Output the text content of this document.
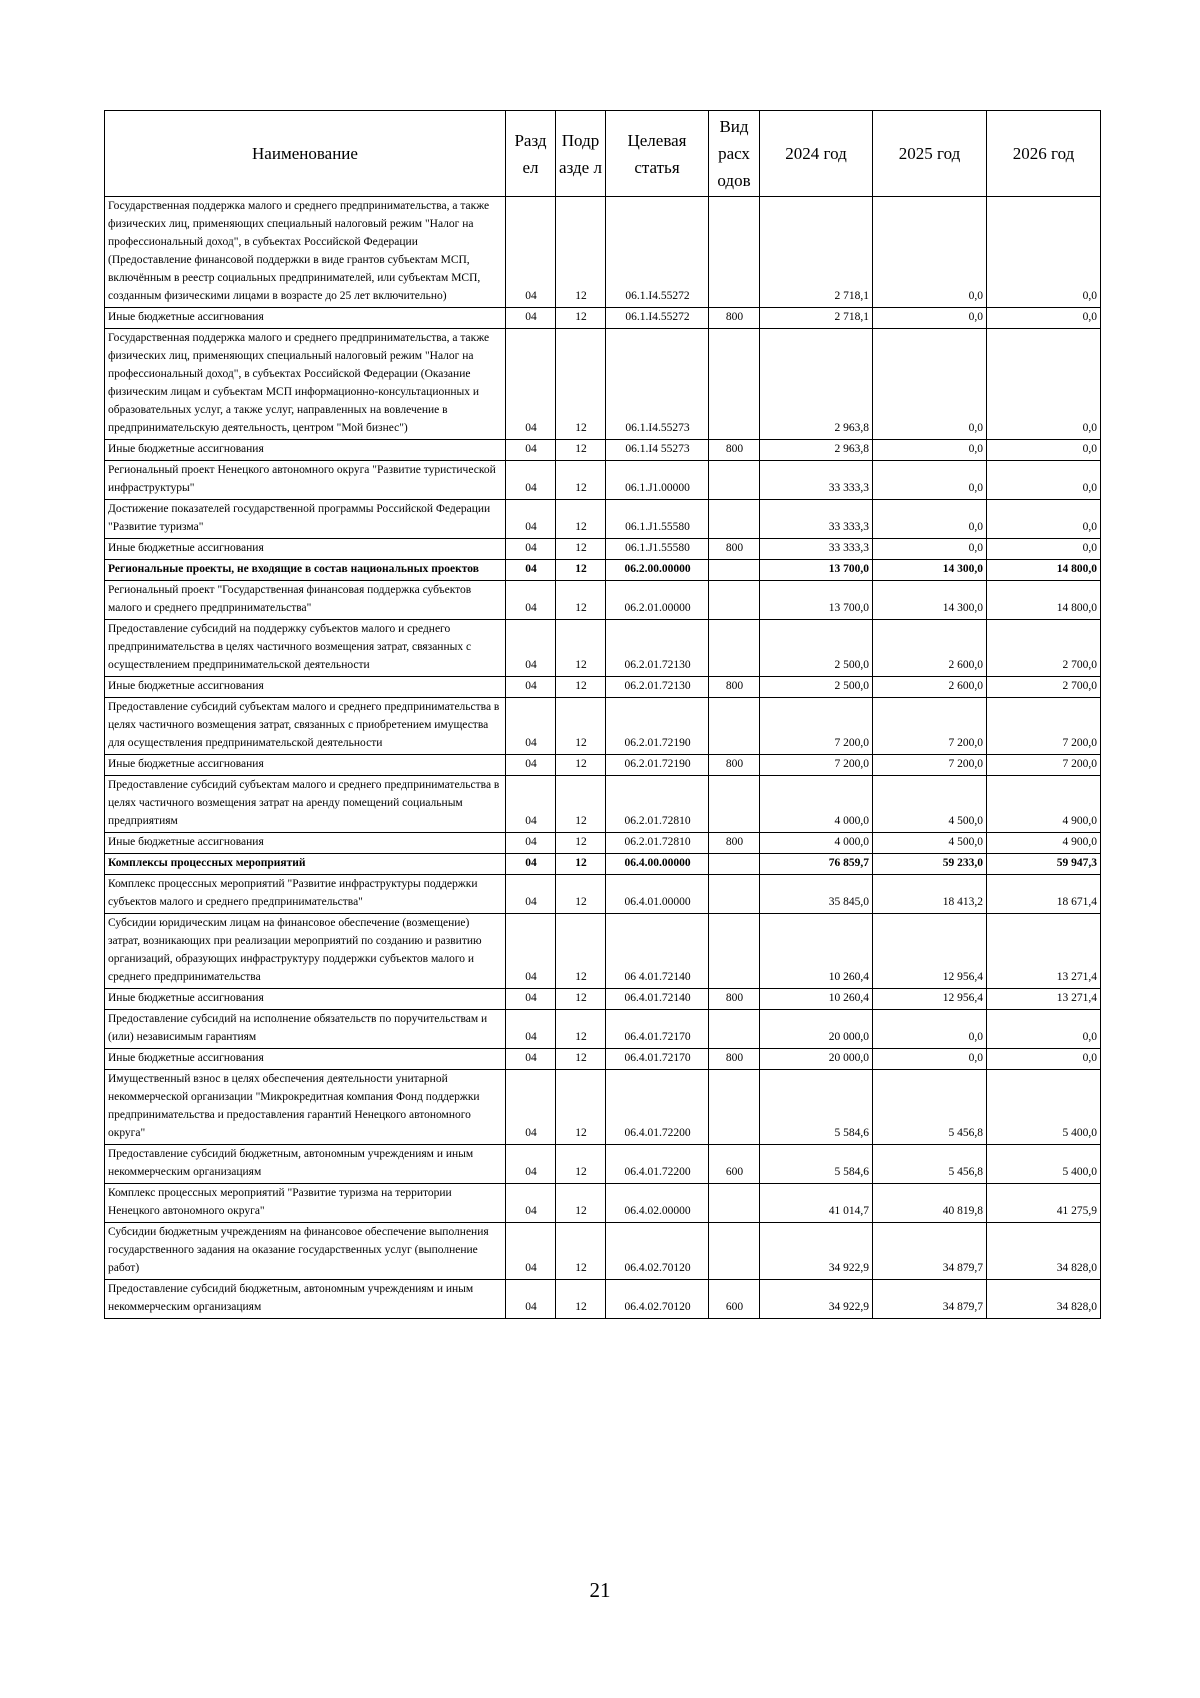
Наименование	Разд ел	Подр азде л	Целевая статья	Вид расх одов	2024 год	2025 год	2026 год
Государственная поддержка малого и среднего предпринимательства, а также физических лиц, применяющих специальный налоговый режим "Налог на профессиональный доход", в субъектах Российской Федерации (Предоставление финансовой поддержки в виде грантов субъектам МСП, включённым в реестр социальных предпринимателей, или субъектам МСП, созданным физическими лицами в возрасте до 25 лет включительно)	04	12	06.1.I4.55272		2 718,1	0,0	0,0
Иные бюджетные ассигнования	04	12	06.1.I4.55272	800	2 718,1	0,0	0,0
Государственная поддержка малого и среднего предпринимательства, а также физических лиц, применяющих специальный налоговый режим "Налог на профессиональный доход", в субъектах Российской Федерации (Оказание физическим лицам и субъектам МСП информационно-консультационных и образовательных услуг, а также услуг, направленных на вовлечение в предпринимательскую деятельность, центром "Мой бизнес")	04	12	06.1.I4.55273		2 963,8	0,0	0,0
Иные бюджетные ассигнования	04	12	06.1.I4 55273	800	2 963,8	0,0	0,0
Региональный проект Ненецкого автономного округа "Развитие туристической инфраструктуры"	04	12	06.1.J1.00000		33 333,3	0,0	0,0
Достижение показателей государственной программы Российской Федерации "Развитие туризма"	04	12	06.1.J1.55580		33 333,3	0,0	0,0
Иные бюджетные ассигнования	04	12	06.1.J1.55580	800	33 333,3	0,0	0,0
Региональные проекты, не входящие в состав национальных проектов	04	12	06.2.00.00000		13 700,0	14 300,0	14 800,0
Региональный проект "Государственная финансовая поддержка субъектов малого и среднего предпринимательства"	04	12	06.2.01.00000		13 700,0	14 300,0	14 800,0
Предоставление субсидий на поддержку субъектов малого и среднего предпринимательства в целях частичного возмещения затрат, связанных с осуществлением предпринимательской деятельности	04	12	06.2.01.72130		2 500,0	2 600,0	2 700,0
Иные бюджетные ассигнования	04	12	06.2.01.72130	800	2 500,0	2 600,0	2 700,0
Предоставление субсидий субъектам малого и среднего предпринимательства в целях частичного возмещения затрат, связанных с приобретением имущества для осуществления предпринимательской деятельности	04	12	06.2.01.72190		7 200,0	7 200,0	7 200,0
Иные бюджетные ассигнования	04	12	06.2.01.72190	800	7 200,0	7 200,0	7 200,0
Предоставление субсидий субъектам малого и среднего предпринимательства в целях частичного возмещения затрат на аренду помещений социальным предприятиям	04	12	06.2.01.72810		4 000,0	4 500,0	4 900,0
Иные бюджетные ассигнования	04	12	06.2.01.72810	800	4 000,0	4 500,0	4 900,0
Комплексы процессных мероприятий	04	12	06.4.00.00000		76 859,7	59 233,0	59 947,3
Комплекс процессных мероприятий "Развитие инфраструктуры поддержки субъектов малого и среднего предпринимательства"	04	12	06.4.01.00000		35 845,0	18 413,2	18 671,4
Субсидии юридическим лицам на финансовое обеспечение (возмещение) затрат, возникающих при реализации мероприятий по созданию и развитию организаций, образующих инфраструктуру поддержки субъектов малого и среднего предпринимательства	04	12	06 4.01.72140		10 260,4	12 956,4	13 271,4
Иные бюджетные ассигнования	04	12	06.4.01.72140	800	10 260,4	12 956,4	13 271,4
Предоставление субсидий на исполнение обязательств по поручительствам и (или) независимым гарантиям	04	12	06.4.01.72170		20 000,0	0,0	0,0
Иные бюджетные ассигнования	04	12	06.4.01.72170	800	20 000,0	0,0	0,0
Имущественный взнос в целях обеспечения деятельности унитарной некоммерческой организации "Микрокредитная компания Фонд поддержки предпринимательства и предоставления гарантий Ненецкого автономного округа"	04	12	06.4.01.72200		5 584,6	5 456,8	5 400,0
Предоставление субсидий бюджетным, автономным учреждениям и иным некоммерческим организациям	04	12	06.4.01.72200	600	5 584,6	5 456,8	5 400,0
Комплекс процессных мероприятий "Развитие туризма на территории Ненецкого автономного округа"	04	12	06.4.02.00000		41 014,7	40 819,8	41 275,9
Субсидии бюджетным учреждениям на финансовое обеспечение выполнения государственного задания на оказание государственных услуг (выполнение работ)	04	12	06.4.02.70120		34 922,9	34 879,7	34 828,0
Предоставление субсидий бюджетным, автономным учреждениям и иным некоммерческим организациям	04	12	06.4.02.70120	600	34 922,9	34 879,7	34 828,0
21
